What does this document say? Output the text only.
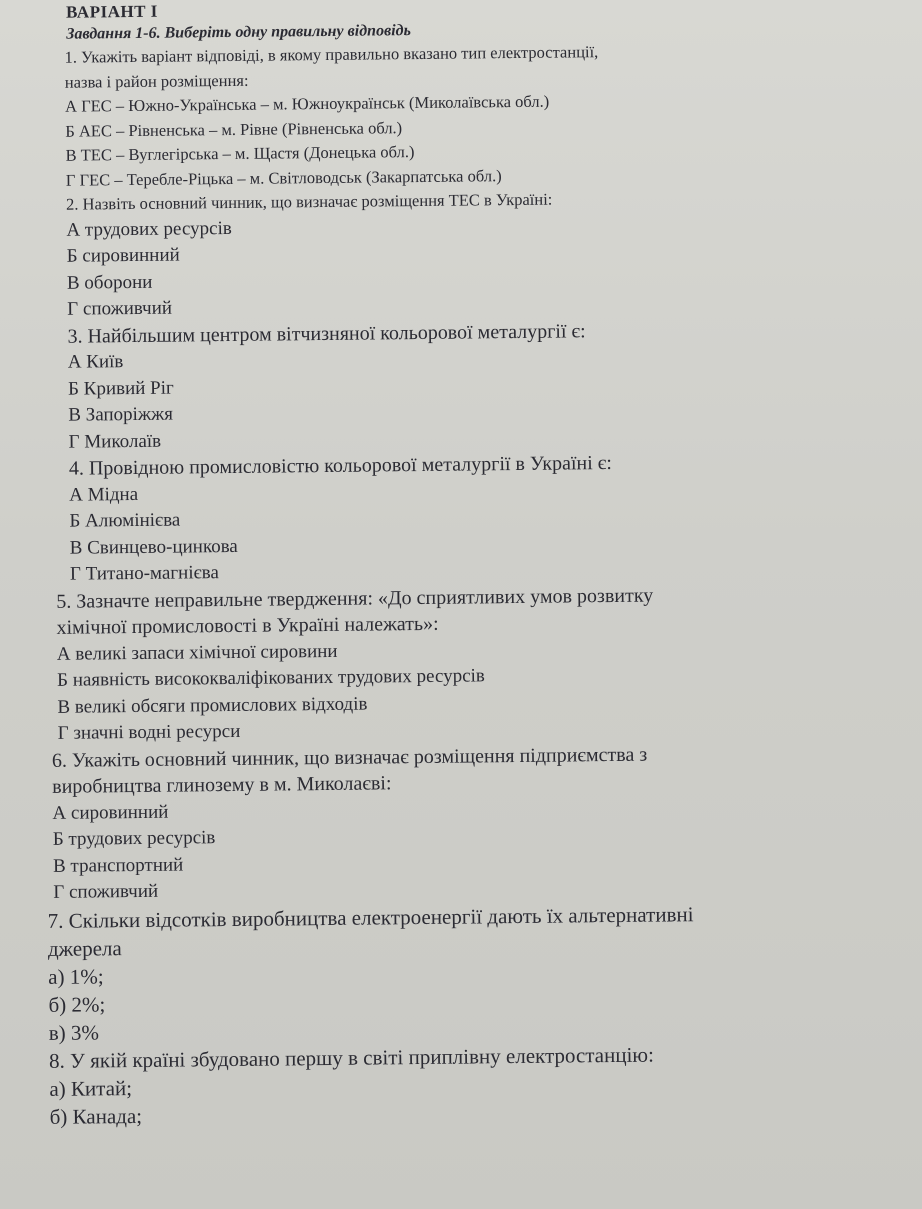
ВАРІАНТ І
Завдання 1-6. Виберіть одну правильну відповідь
1. Укажіть варіант відповіді, в якому правильно вказано тип електростанції,
назва і район розміщення:
А ГЕС – Южно-Українська – м. Южноукраїнськ (Миколаївська обл.)
Б АЕС – Рівненська – м. Рівне (Рівненська обл.)
В ТЕС – Вуглегірська – м. Щастя (Донецька обл.)
Г ГЕС – Теребле-Ріцька – м. Світловодськ (Закарпатська обл.)
2. Назвіть основний чинник, що визначає розміщення ТЕС в Україні:
А трудових ресурсів
Б сировинний
В оборони
Г споживчий
3. Найбільшим центром вітчизняної кольорової металургії є:
А Київ
Б Кривий Ріг
В Запоріжжя
Г Миколаїв
4. Провідною промисловістю кольорової металургії в Україні є:
А Мідна
Б Алюмінієва
В Свинцево-цинкова
Г Титано-магнієва
5. Зазначте неправильне твердження: «До сприятливих умов розвитку
хімічної промисловості в Україні належать»:
А великі запаси хімічної сировини
Б наявність висококваліфікованих трудових ресурсів
В великі обсяги промислових відходів
Г значні водні ресурси
6. Укажіть основний чинник, що визначає розміщення підприємства з
виробництва глинозему в м. Миколаєві:
А сировинний
Б трудових ресурсів
В транспортний
Г споживчий
7. Скільки відсотків виробництва електроенергії дають їх альтернативні
джерела
а) 1%;
б) 2%;
в) 3%
8. У якій країні збудовано першу в світі приплівну електростанцію:
а) Китай;
б) Канада;
